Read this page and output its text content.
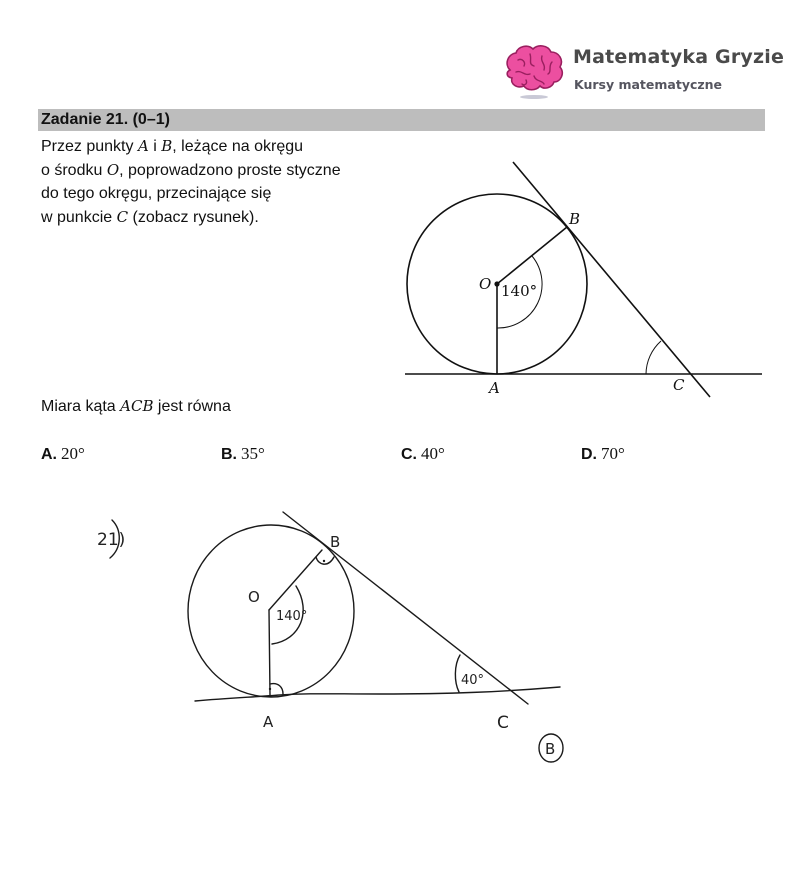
Matematyka Gryzie
Kursy matematyczne
Zadanie 21. (0–1)
Przez punkty A i B, leżące na okręgu
o środku O, poprowadzono proste styczne
do tego okręgu, przecinające się
w punkcie C (zobacz rysunek).
Miara kąta ACB jest równa
A. 20°	B. 35°	C. 40°	D. 70°
O
A
B
C
140°
21)
O
A
B
C
140°
40°
B
